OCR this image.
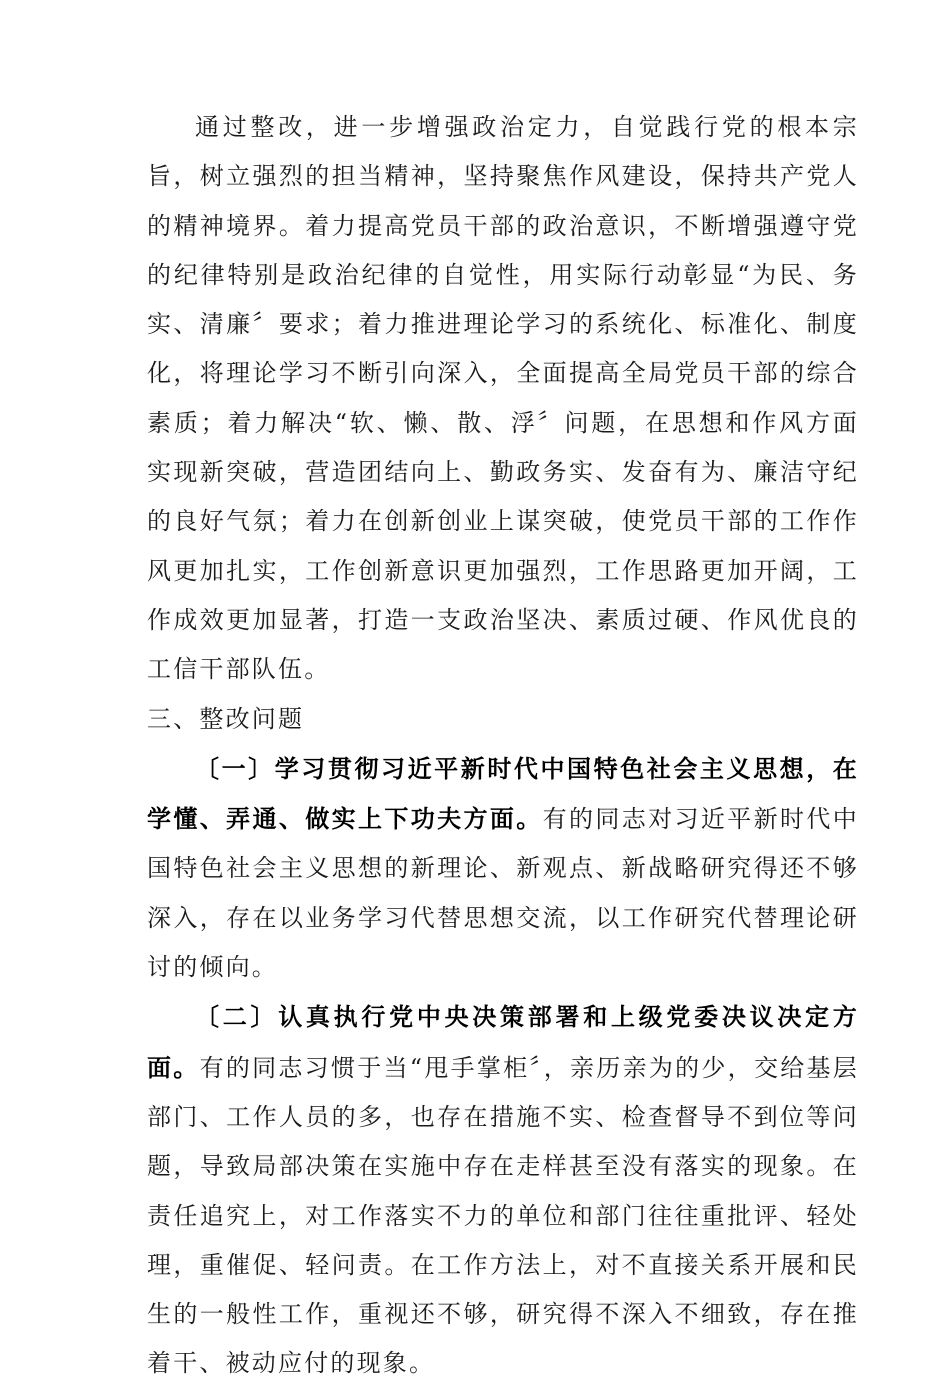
通过整改，进一步增强政治定力，自觉践行党的根本宗旨，树立强烈的担当精神，坚持聚焦作风建设，保持共产党人的精神境界。着力提高党员干部的政治意识，不断增强遵守党的纪律特别是政治纪律的自觉性，用实际行动彰显“为民、务实、清廉〞要求；着力推进理论学习的系统化、标准化、制度化，将理论学习不断引向深入，全面提高全局党员干部的综合素质；着力解决“软、懒、散、浮〞问题，在思想和作风方面实现新突破，营造团结向上、勤政务实、发奋有为、廉洁守纪的良好气氛；着力在创新创业上谋突破，使党员干部的工作作风更加扎实，工作创新意识更加强烈，工作思路更加开阔，工作成效更加显著，打造一支政治坚决、素质过硬、作风优良的工信干部队伍。

三、整改问题

〔一〕学习贯彻习近平新时代中国特色社会主义思想，在学懂、弄通、做实上下功夫方面。有的同志对习近平新时代中国特色社会主义思想的新理论、新观点、新战略研究得还不够深入，存在以业务学习代替思想交流，以工作研究代替理论研讨的倾向。

〔二〕认真执行党中央决策部署和上级党委决议决定方面。有的同志习惯于当“甩手掌柜〞，亲历亲为的少，交给基层部门、工作人员的多，也存在措施不实、检查督导不到位等问题，导致局部决策在实施中存在走样甚至没有落实的现象。在责任追究上，对工作落实不力的单位和部门往往重批评、轻处理，重催促、轻问责。在工作方法上，对不直接关系开展和民生的一般性工作，重视还不够，研究得不深入不细致，存在推着干、被动应付的现象。
